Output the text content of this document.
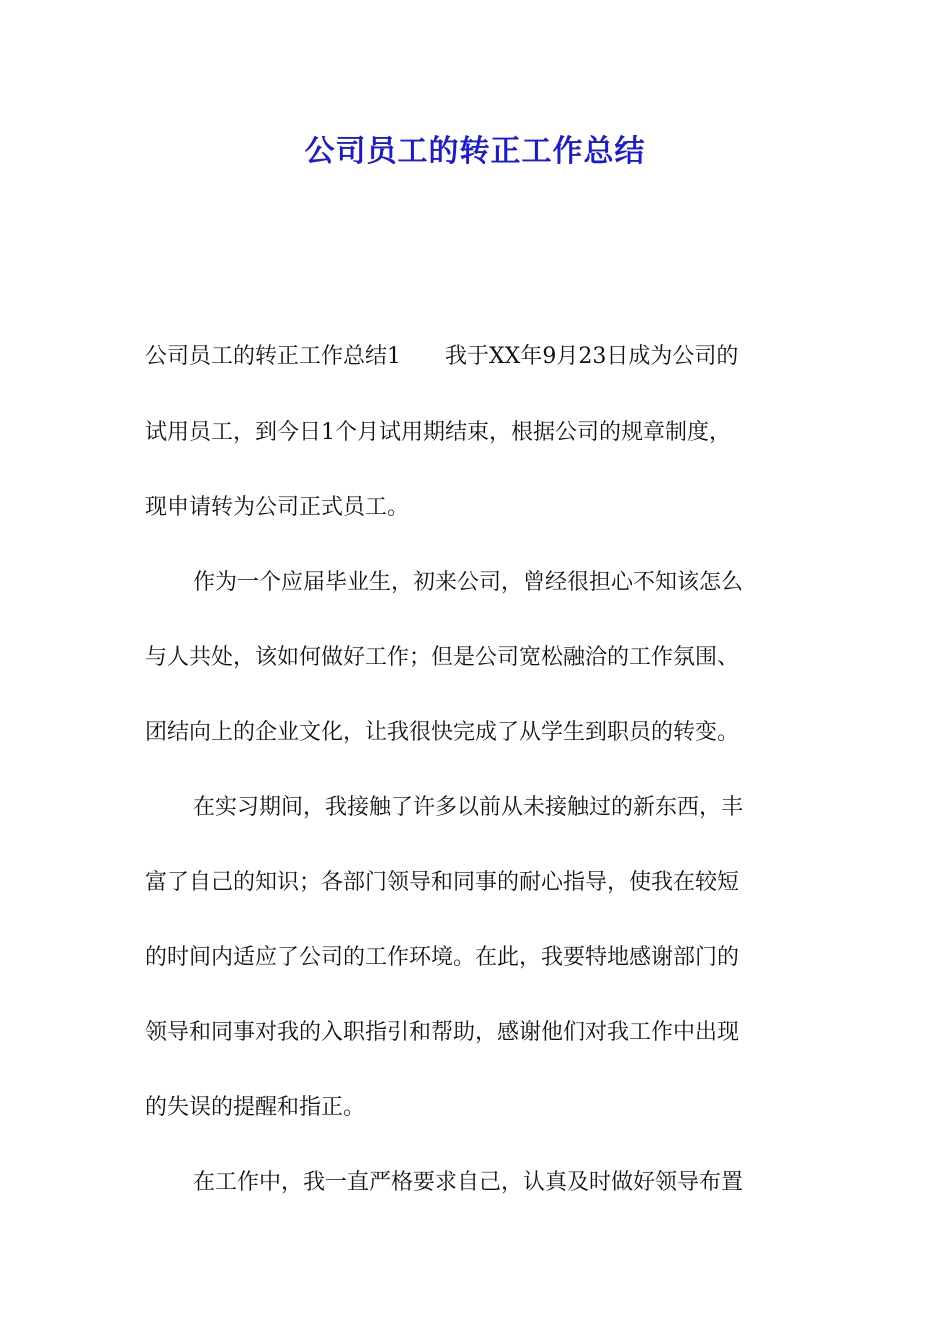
公司员工的转正工作总结
公司员工的转正工作总结1　　我于XX年9月23日成为公司的
试用员工，到今日1个月试用期结束，根据公司的规章制度，
现申请转为公司正式员工。
作为一个应届毕业生，初来公司，曾经很担心不知该怎么
与人共处，该如何做好工作；但是公司宽松融洽的工作氛围、
团结向上的企业文化，让我很快完成了从学生到职员的转变。
在实习期间，我接触了许多以前从未接触过的新东西，丰
富了自己的知识；各部门领导和同事的耐心指导，使我在较短
的时间内适应了公司的工作环境。在此，我要特地感谢部门的
领导和同事对我的入职指引和帮助，感谢他们对我工作中出现
的失误的提醒和指正。
在工作中，我一直严格要求自己，认真及时做好领导布置
